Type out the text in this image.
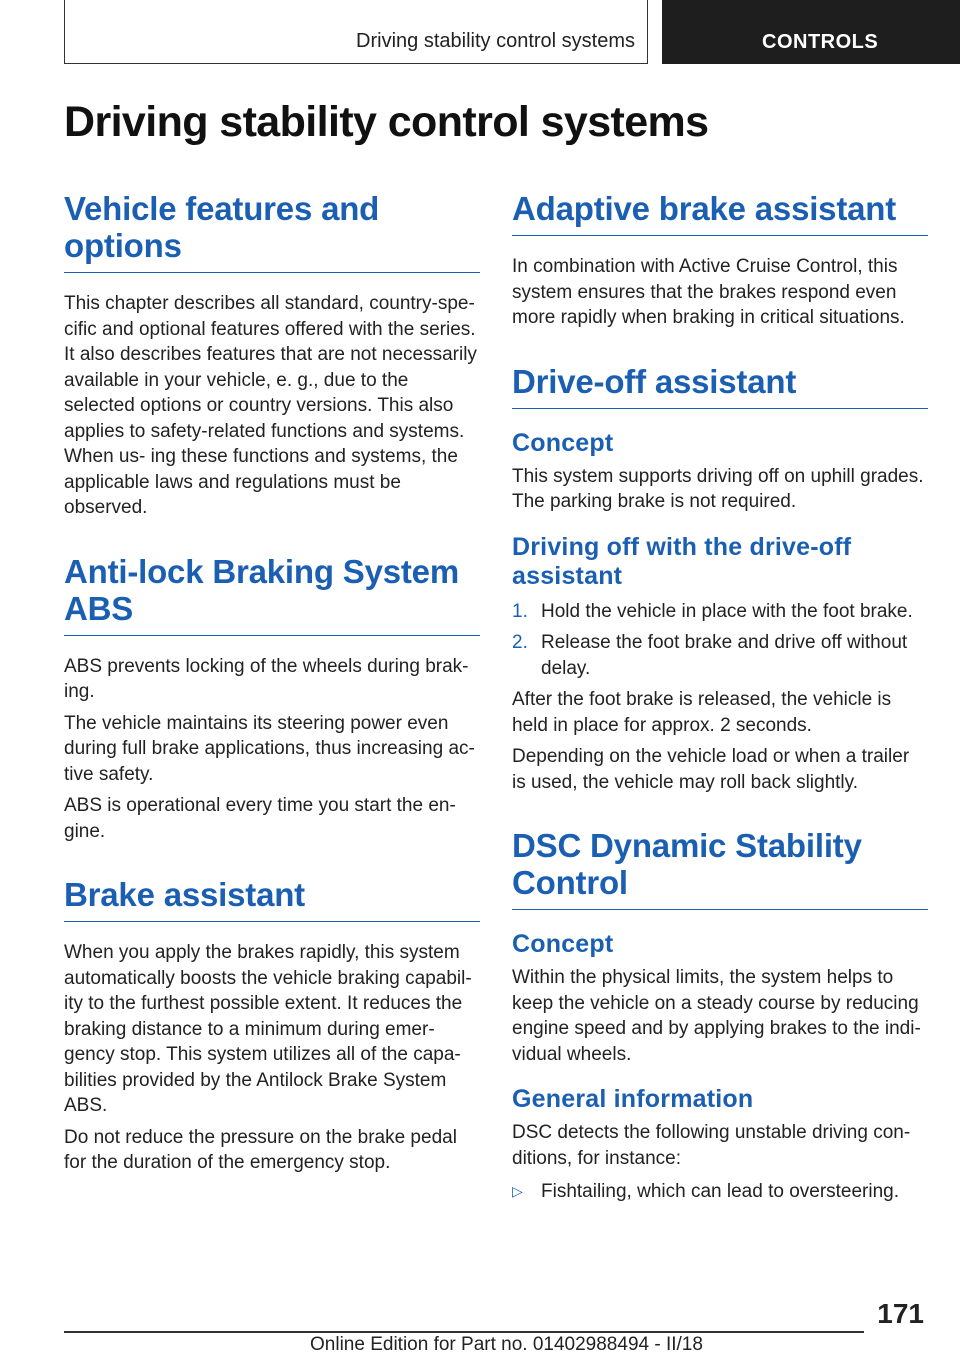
Driving stability control systems	CONTROLS
Driving stability control systems
Vehicle features and options

This chapter describes all standard, country-spe‐ cific and optional features offered with the series. It also describes features that are not necessarily available in your vehicle, e. g., due to the selected options or country versions. This also applies to safety-related functions and systems. When us‐ ing these functions and systems, the applicable laws and regulations must be observed.

Anti-lock Braking System ABS

ABS prevents locking of the wheels during brak‐ ing.

The vehicle maintains its steering power even during full brake applications, thus increasing ac‐ tive safety.

ABS is operational every time you start the en‐ gine.

Brake assistant

When you apply the brakes rapidly, this system automatically boosts the vehicle braking capabil‐ ity to the furthest possible extent. It reduces the braking distance to a minimum during emer‐ gency stop. This system utilizes all of the capa‐ bilities provided by the Antilock Brake System ABS.

Do not reduce the pressure on the brake pedal for the duration of the emergency stop.

Adaptive brake assistant

In combination with Active Cruise Control, this system ensures that the brakes respond even more rapidly when braking in critical situations.

Drive-off assistant
Concept

This system supports driving off on uphill grades. The parking brake is not required.

Driving off with the drive-off assistant
1. Hold the vehicle in place with the foot brake.
2. Release the foot brake and drive off without delay.

After the foot brake is released, the vehicle is held in place for approx. 2 seconds.

Depending on the vehicle load or when a trailer is used, the vehicle may roll back slightly.

DSC Dynamic Stability Control
Concept

Within the physical limits, the system helps to keep the vehicle on a steady course by reducing engine speed and by applying brakes to the indi‐ vidual wheels.

General information

DSC detects the following unstable driving con‐ ditions, for instance:

▷ Fishtailing, which can lead to oversteering.
171
Online Edition for Part no. 01402988494 - II/18
